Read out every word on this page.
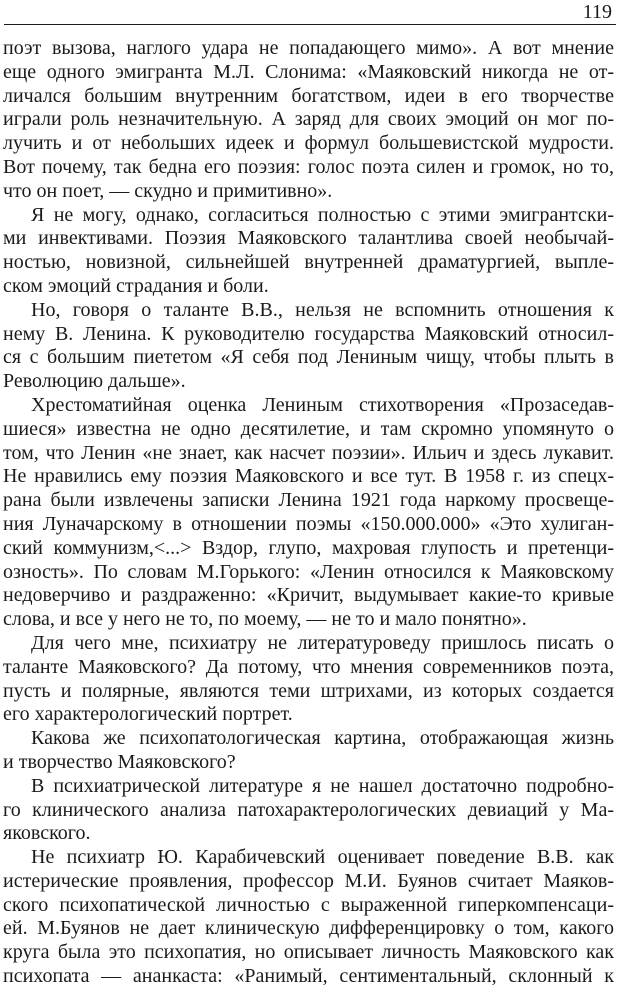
119
поэт вызова, наглого удара не попадающего мимо». А вот мнение
еще одного эмигранта М.Л. Слонима: «Маяковский никогда не от-
личался большим внутренним богатством, идеи в его творчестве
играли роль незначительную. А заряд для своих эмоций он мог по-
лучить и от небольших идеек и формул большевистской мудрости.
Вот почему, так бедна его поэзия: голос поэта силен и громок, но то,
что он поет, — скудно и примитивно».
Я не могу, однако, согласиться полностью с этими эмигрантски-
ми инвективами. Поэзия Маяковского талантлива своей необычай-
ностью, новизной, сильнейшей внутренней драматургией, выпле-
ском эмоций страдания и боли.
Но, говоря о таланте В.В., нельзя не вспомнить отношения к
нему В. Ленина. К руководителю государства Маяковский относил-
ся с большим пиететом «Я себя под Лениным чищу, чтобы плыть в
Революцию дальше».
Хрестоматийная оценка Лениным стихотворения «Прозаседав-
шиеся» известна не одно десятилетие, и там скромно упомянуто о
том, что Ленин «не знает, как насчет поэзии». Ильич и здесь лукавит.
Не нравились ему поэзия Маяковского и все тут. В 1958 г. из спецх-
рана были извлечены записки Ленина 1921 года наркому просвеще-
ния Луначарскому в отношении поэмы «150.000.000» «Это хулиган-
ский коммунизм,<...> Вздор, глупо, махровая глупость и претенци-
озность». По словам М.Горького: «Ленин относился к Маяковскому
недоверчиво и раздраженно: «Кричит, выдумывает какие-то кривые
слова, и все у него не то, по моему, — не то и мало понятно».
Для чего мне, психиатру не литературоведу пришлось писать о
таланте Маяковского? Да потому, что мнения современников поэта,
пусть и полярные, являются теми штрихами, из которых создается
его характерологический портрет.
Какова же психопатологическая картина, отображающая жизнь
и творчество Маяковского?
В психиатрической литературе я не нашел достаточно подробно-
го клинического анализа патохарактерологических девиаций у Ма-
яковского.
Не психиатр Ю. Карабичевский оценивает поведение В.В. как
истерические проявления, профессор М.И. Буянов считает Маяков-
ского психопатической личностью с выраженной гиперкомпенсаци-
ей. М.Буянов не дает клиническую дифференцировку о том, какого
круга была это психопатия, но описывает личность Маяковского как
психопата — ананкаста: «Ранимый, сентиментальный, склонный к
